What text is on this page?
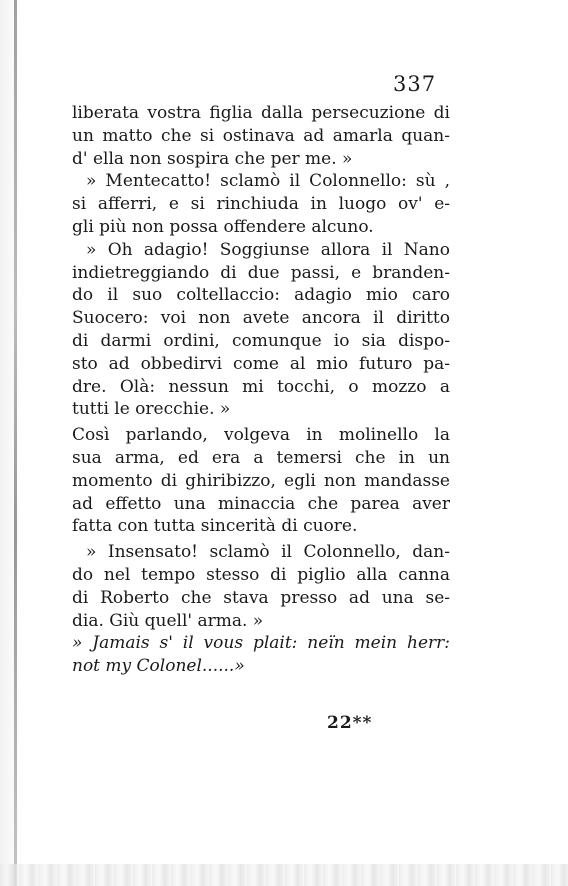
337
liberata vostra figlia dalla persecuzione di
un matto che si ostinava ad amarla quan-
d' ella non sospira che per me. »
» Mentecatto! sclamò il Colonnello: sù ,
si afferri, e si rinchiuda in luogo ov' e-
gli più non possa offendere alcuno.
» Oh adagio! Soggiunse allora il Nano
indietreggiando di due passi, e branden-
do il suo coltellaccio: adagio mio caro
Suocero: voi non avete ancora il diritto
di darmi ordini, comunque io sia dispo-
sto ad obbedirvi come al mio futuro pa-
dre. Olà: nessun mi tocchi, o mozzo a
tutti le orecchie. »
Così parlando, volgeva in molinello la
sua arma, ed era a temersi che in un
momento di ghiribizzo, egli non mandasse
ad effetto una minaccia che parea aver
fatta con tutta sincerità di cuore.
» Insensato! sclamò il Colonnello, dan-
do nel tempo stesso di piglio alla canna
di Roberto che stava presso ad una se-
dia. Giù quell' arma. »
» Jamais s' il vous plait: neïn mein herr:
not my Colonel......»
22**
